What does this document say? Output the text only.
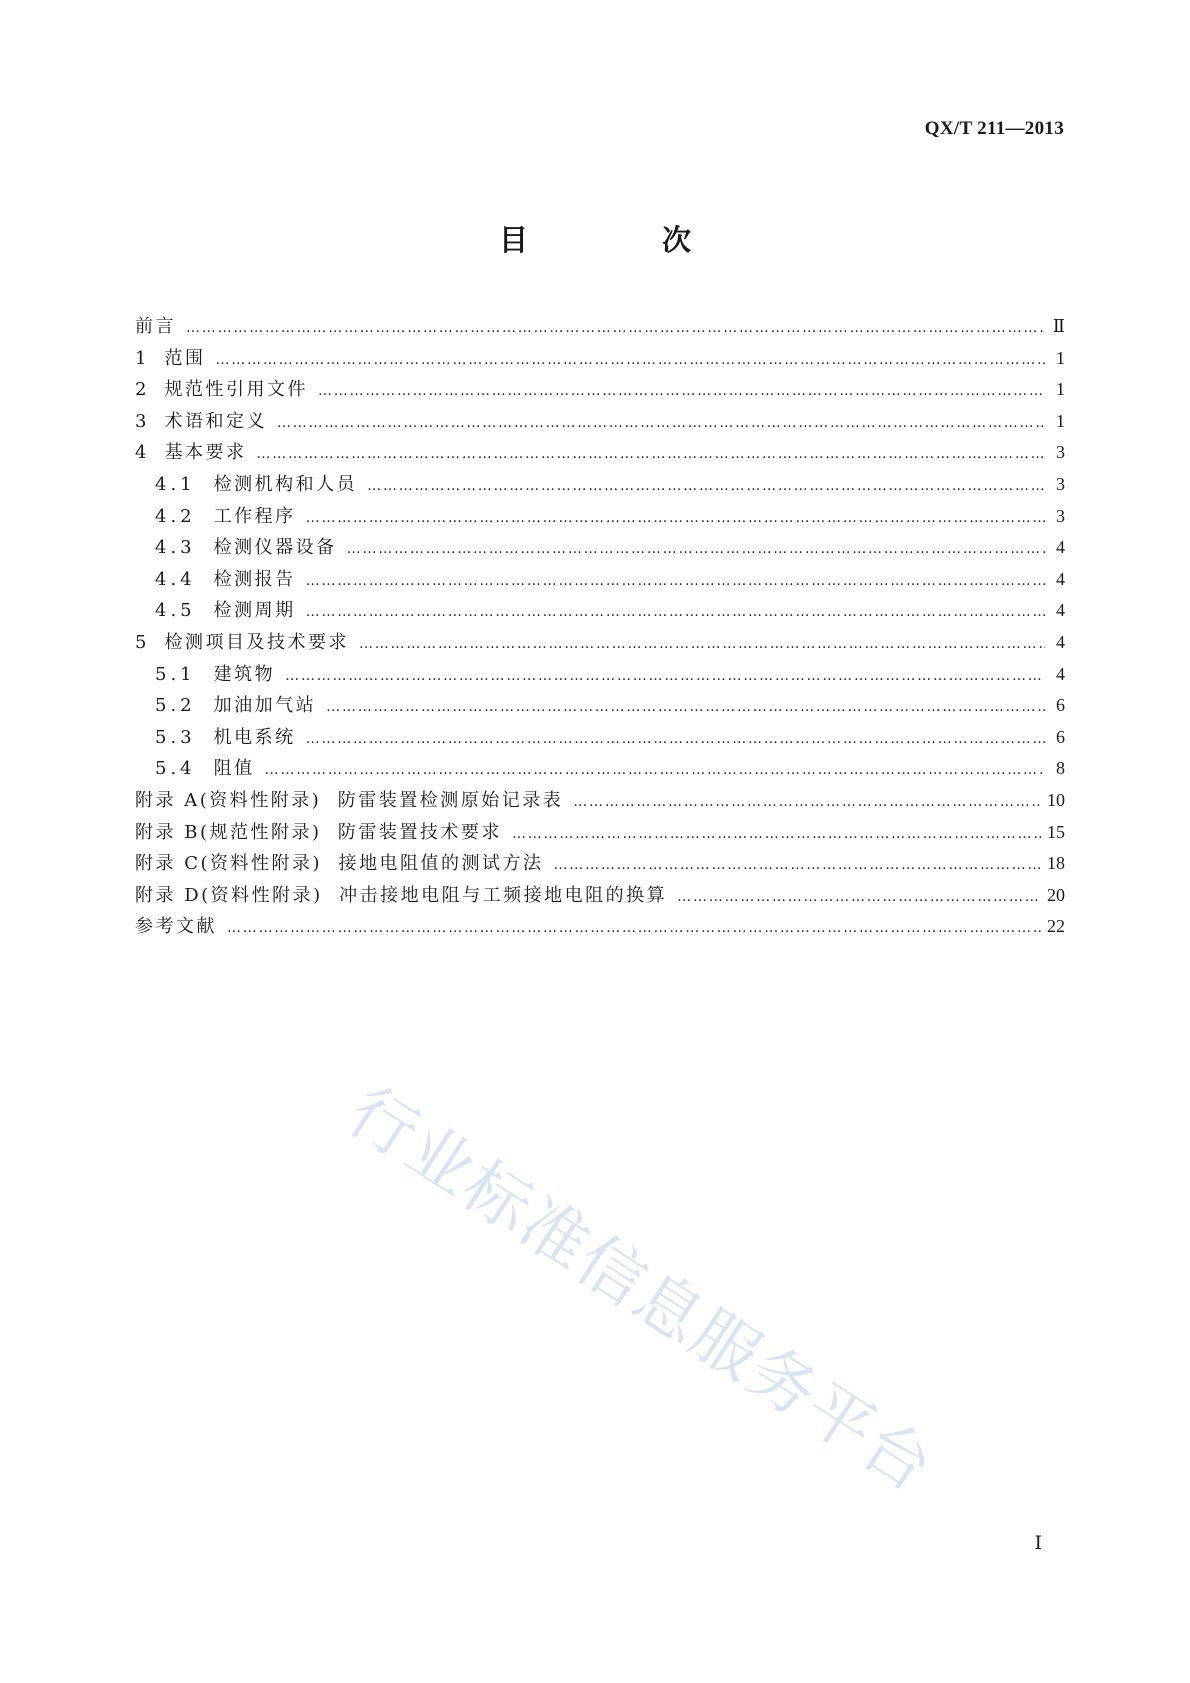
QX/T 211—2013
目 次
前言 ……………………………………………………………………………………………………………………………………………………………………………………………………	Ⅱ
1 范围 ……………………………………………………………………………………………………………………………………………………………………………………………………	1
2 规范性引用文件 ……………………………………………………………………………………………………………………………………………………………………………………………………	1
3 术语和定义 ……………………………………………………………………………………………………………………………………………………………………………………………………	1
4 基本要求 ……………………………………………………………………………………………………………………………………………………………………………………………………	3
4.1 检测机构和人员 ……………………………………………………………………………………………………………………………………………………………………………………………………	3
4.2 工作程序 ……………………………………………………………………………………………………………………………………………………………………………………………………	3
4.3 检测仪器设备 ……………………………………………………………………………………………………………………………………………………………………………………………………	4
4.4 检测报告 ……………………………………………………………………………………………………………………………………………………………………………………………………	4
4.5 检测周期 ……………………………………………………………………………………………………………………………………………………………………………………………………	4
5 检测项目及技术要求 ……………………………………………………………………………………………………………………………………………………………………………………………………	4
5.1 建筑物 ……………………………………………………………………………………………………………………………………………………………………………………………………	4
5.2 加油加气站 ……………………………………………………………………………………………………………………………………………………………………………………………………	6
5.3 机电系统 ……………………………………………………………………………………………………………………………………………………………………………………………………	6
5.4 阻值 ……………………………………………………………………………………………………………………………………………………………………………………………………	8
附录 A(资料性附录)  防雷装置检测原始记录表 ……………………………………………………………………………………………………………………………………………………………………………………………………	10
附录 B(规范性附录)  防雷装置技术要求 ……………………………………………………………………………………………………………………………………………………………………………………………………	15
附录 C(资料性附录)  接地电阻值的测试方法 ……………………………………………………………………………………………………………………………………………………………………………………………………	18
附录 D(资料性附录)  冲击接地电阻与工频接地电阻的换算 ……………………………………………………………………………………………………………………………………………………………………………………………………	20
参考文献 ……………………………………………………………………………………………………………………………………………………………………………………………………	22
行业标准信息服务平台
Ⅰ
